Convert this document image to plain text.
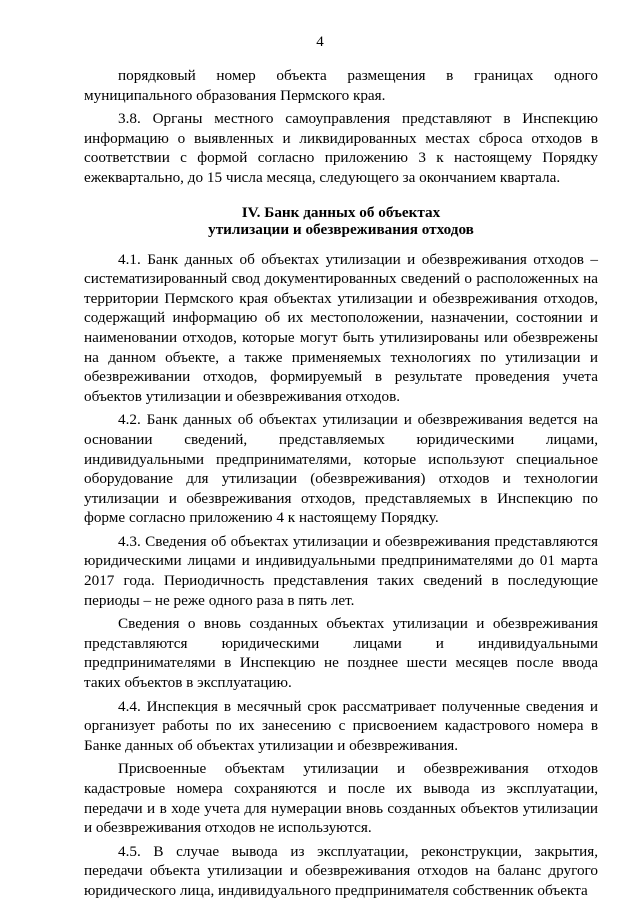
4

порядковый номер объекта размещения в границах одного муниципального образования Пермского края.

3.8. Органы местного самоуправления представляют в Инспекцию информацию о выявленных и ликвидированных местах сброса отходов в соответствии с формой согласно приложению 3 к настоящему Порядку ежеквартально, до 15 числа месяца, следующего за окончанием квартала.

IV. Банк данных об объектах
утилизации и обезвреживания отходов

4.1. Банк данных об объектах утилизации и обезвреживания отходов – систематизированный свод документированных сведений о расположенных на территории Пермского края объектах утилизации и обезвреживания отходов, содержащий информацию об их местоположении, назначении, состоянии и наименовании отходов, которые могут быть утилизированы или обезврежены на данном объекте, а также применяемых технологиях по утилизации и обезвреживании отходов, формируемый в результате проведения учета объектов утилизации и обезвреживания отходов.

4.2. Банк данных об объектах утилизации и обезвреживания ведется на основании сведений, представляемых юридическими лицами, индивидуальными предпринимателями, которые используют специальное оборудование для утилизации (обезвреживания) отходов и технологии утилизации и обезвреживания отходов, представляемых в Инспекцию по форме согласно приложению 4 к настоящему Порядку.

4.3. Сведения об объектах утилизации и обезвреживания представляются юридическими лицами и индивидуальными предпринимателями до 01 марта 2017 года. Периодичность представления таких сведений в последующие периоды – не реже одного раза в пять лет.

Сведения о вновь созданных объектах утилизации и обезвреживания представляются юридическими лицами и индивидуальными предпринимателями в Инспекцию не позднее шести месяцев после ввода таких объектов в эксплуатацию.

4.4. Инспекция в месячный срок рассматривает полученные сведения и организует работы по их занесению с присвоением кадастрового номера в Банке данных об объектах утилизации и обезвреживания.

Присвоенные объектам утилизации и обезвреживания отходов кадастровые номера сохраняются и после их вывода из эксплуатации, передачи и в ходе учета для нумерации вновь созданных объектов утилизации и обезвреживания отходов не используются.

4.5. В случае вывода из эксплуатации, реконструкции, закрытия, передачи объекта утилизации и обезвреживания отходов на баланс другого юридического лица, индивидуального предпринимателя собственник объекта
